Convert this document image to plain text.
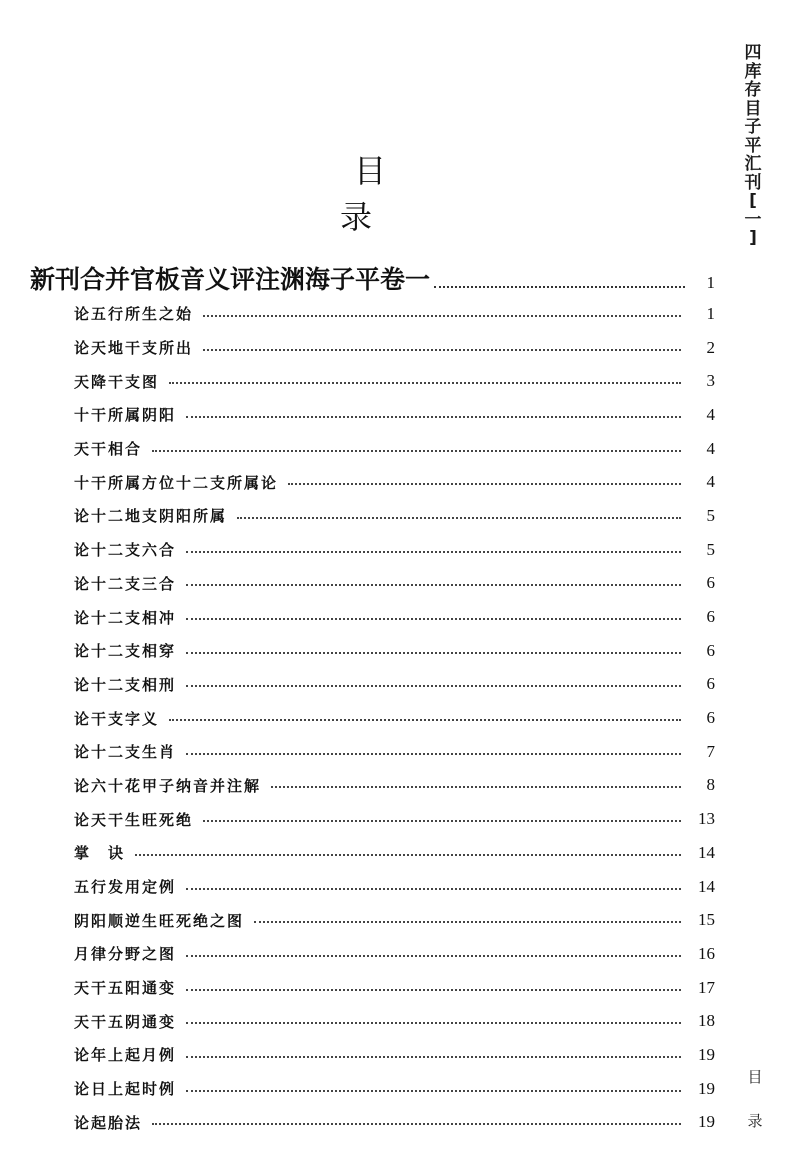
四
库
存
目
子
平
汇
刊
[
一
]
目　录
新刊合并官板音义评注渊海子平卷一	1
论五行所生之始	1
论天地干支所出	2
天降干支图	3
十干所属阴阳	4
天干相合	4
十干所属方位十二支所属论	4
论十二地支阴阳所属	5
论十二支六合	5
论十二支三合	6
论十二支相冲	6
论十二支相穿	6
论十二支相刑	6
论干支字义	6
论十二支生肖	7
论六十花甲子纳音并注解	8
论天干生旺死绝	13
掌　诀	14
五行发用定例	14
阴阳顺逆生旺死绝之图	15
月律分野之图	16
天干五阳通变	17
天干五阴通变	18
论年上起月例	19
论日上起时例	19
论起胎法	19
目
录
